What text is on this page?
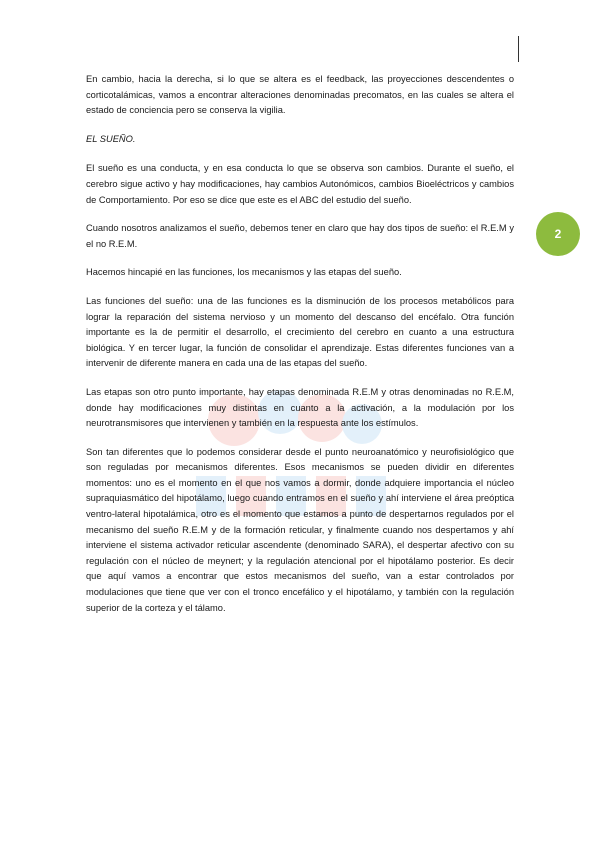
2

En cambio, hacia la derecha, si lo que se altera es el feedback, las proyecciones descendentes o corticotalámicas, vamos a encontrar alteraciones denominadas precomatos, en las cuales se altera el estado de conciencia pero se conserva la vigilia.

EL SUEÑO.

El sueño es una conducta, y en esa conducta lo que se observa son cambios. Durante el sueño, el cerebro sigue activo y hay modificaciones, hay cambios Autonómicos, cambios Bioeléctricos y cambios de Comportamiento. Por eso se dice que este es el ABC del estudio del sueño.

Cuando nosotros analizamos el sueño, debemos tener en claro que hay dos tipos de sueño: el R.E.M y el no R.E.M.

Hacemos hincapié en las funciones, los mecanismos y las etapas del sueño.

Las funciones del sueño: una de las funciones es la disminución de los procesos metabólicos para lograr la reparación del sistema nervioso y un momento del descanso del encéfalo. Otra función importante es la de permitir el desarrollo, el crecimiento del cerebro en cuanto a una estructura biológica. Y en tercer lugar, la función de consolidar el aprendizaje. Estas diferentes funciones van a intervenir de diferente manera en cada una de las etapas del sueño.

Las etapas son otro punto importante, hay etapas denominada R.E.M y otras denominadas no R.E.M, donde hay modificaciones muy distintas en cuanto a la activación, a la modulación por los neurotransmisores que intervienen y también en la respuesta ante los estímulos.

Son tan diferentes que lo podemos considerar desde el punto neuroanatómico y neurofisiológico que son reguladas por mecanismos diferentes. Esos mecanismos se pueden dividir en diferentes momentos: uno es el momento en el que nos vamos a dormir, donde adquiere importancia el núcleo supraquiasmático del hipotálamo, luego cuando entramos en el sueño y ahí interviene el área preóptica ventro-lateral hipotalámica, otro es el momento que estamos a punto de despertarnos regulados por el mecanismo del sueño R.E.M y de la formación reticular, y finalmente cuando nos despertamos y ahí interviene el sistema activador reticular ascendente (denominado SARA), el despertar afectivo con su regulación con el núcleo de meynert; y la regulación atencional por el hipotálamo posterior. Es decir que aquí vamos a encontrar que estos mecanismos del sueño, van a estar controlados por modulaciones que tiene que ver con el tronco encefálico y el hipotálamo, y también con la regulación superior de la corteza y el tálamo.
